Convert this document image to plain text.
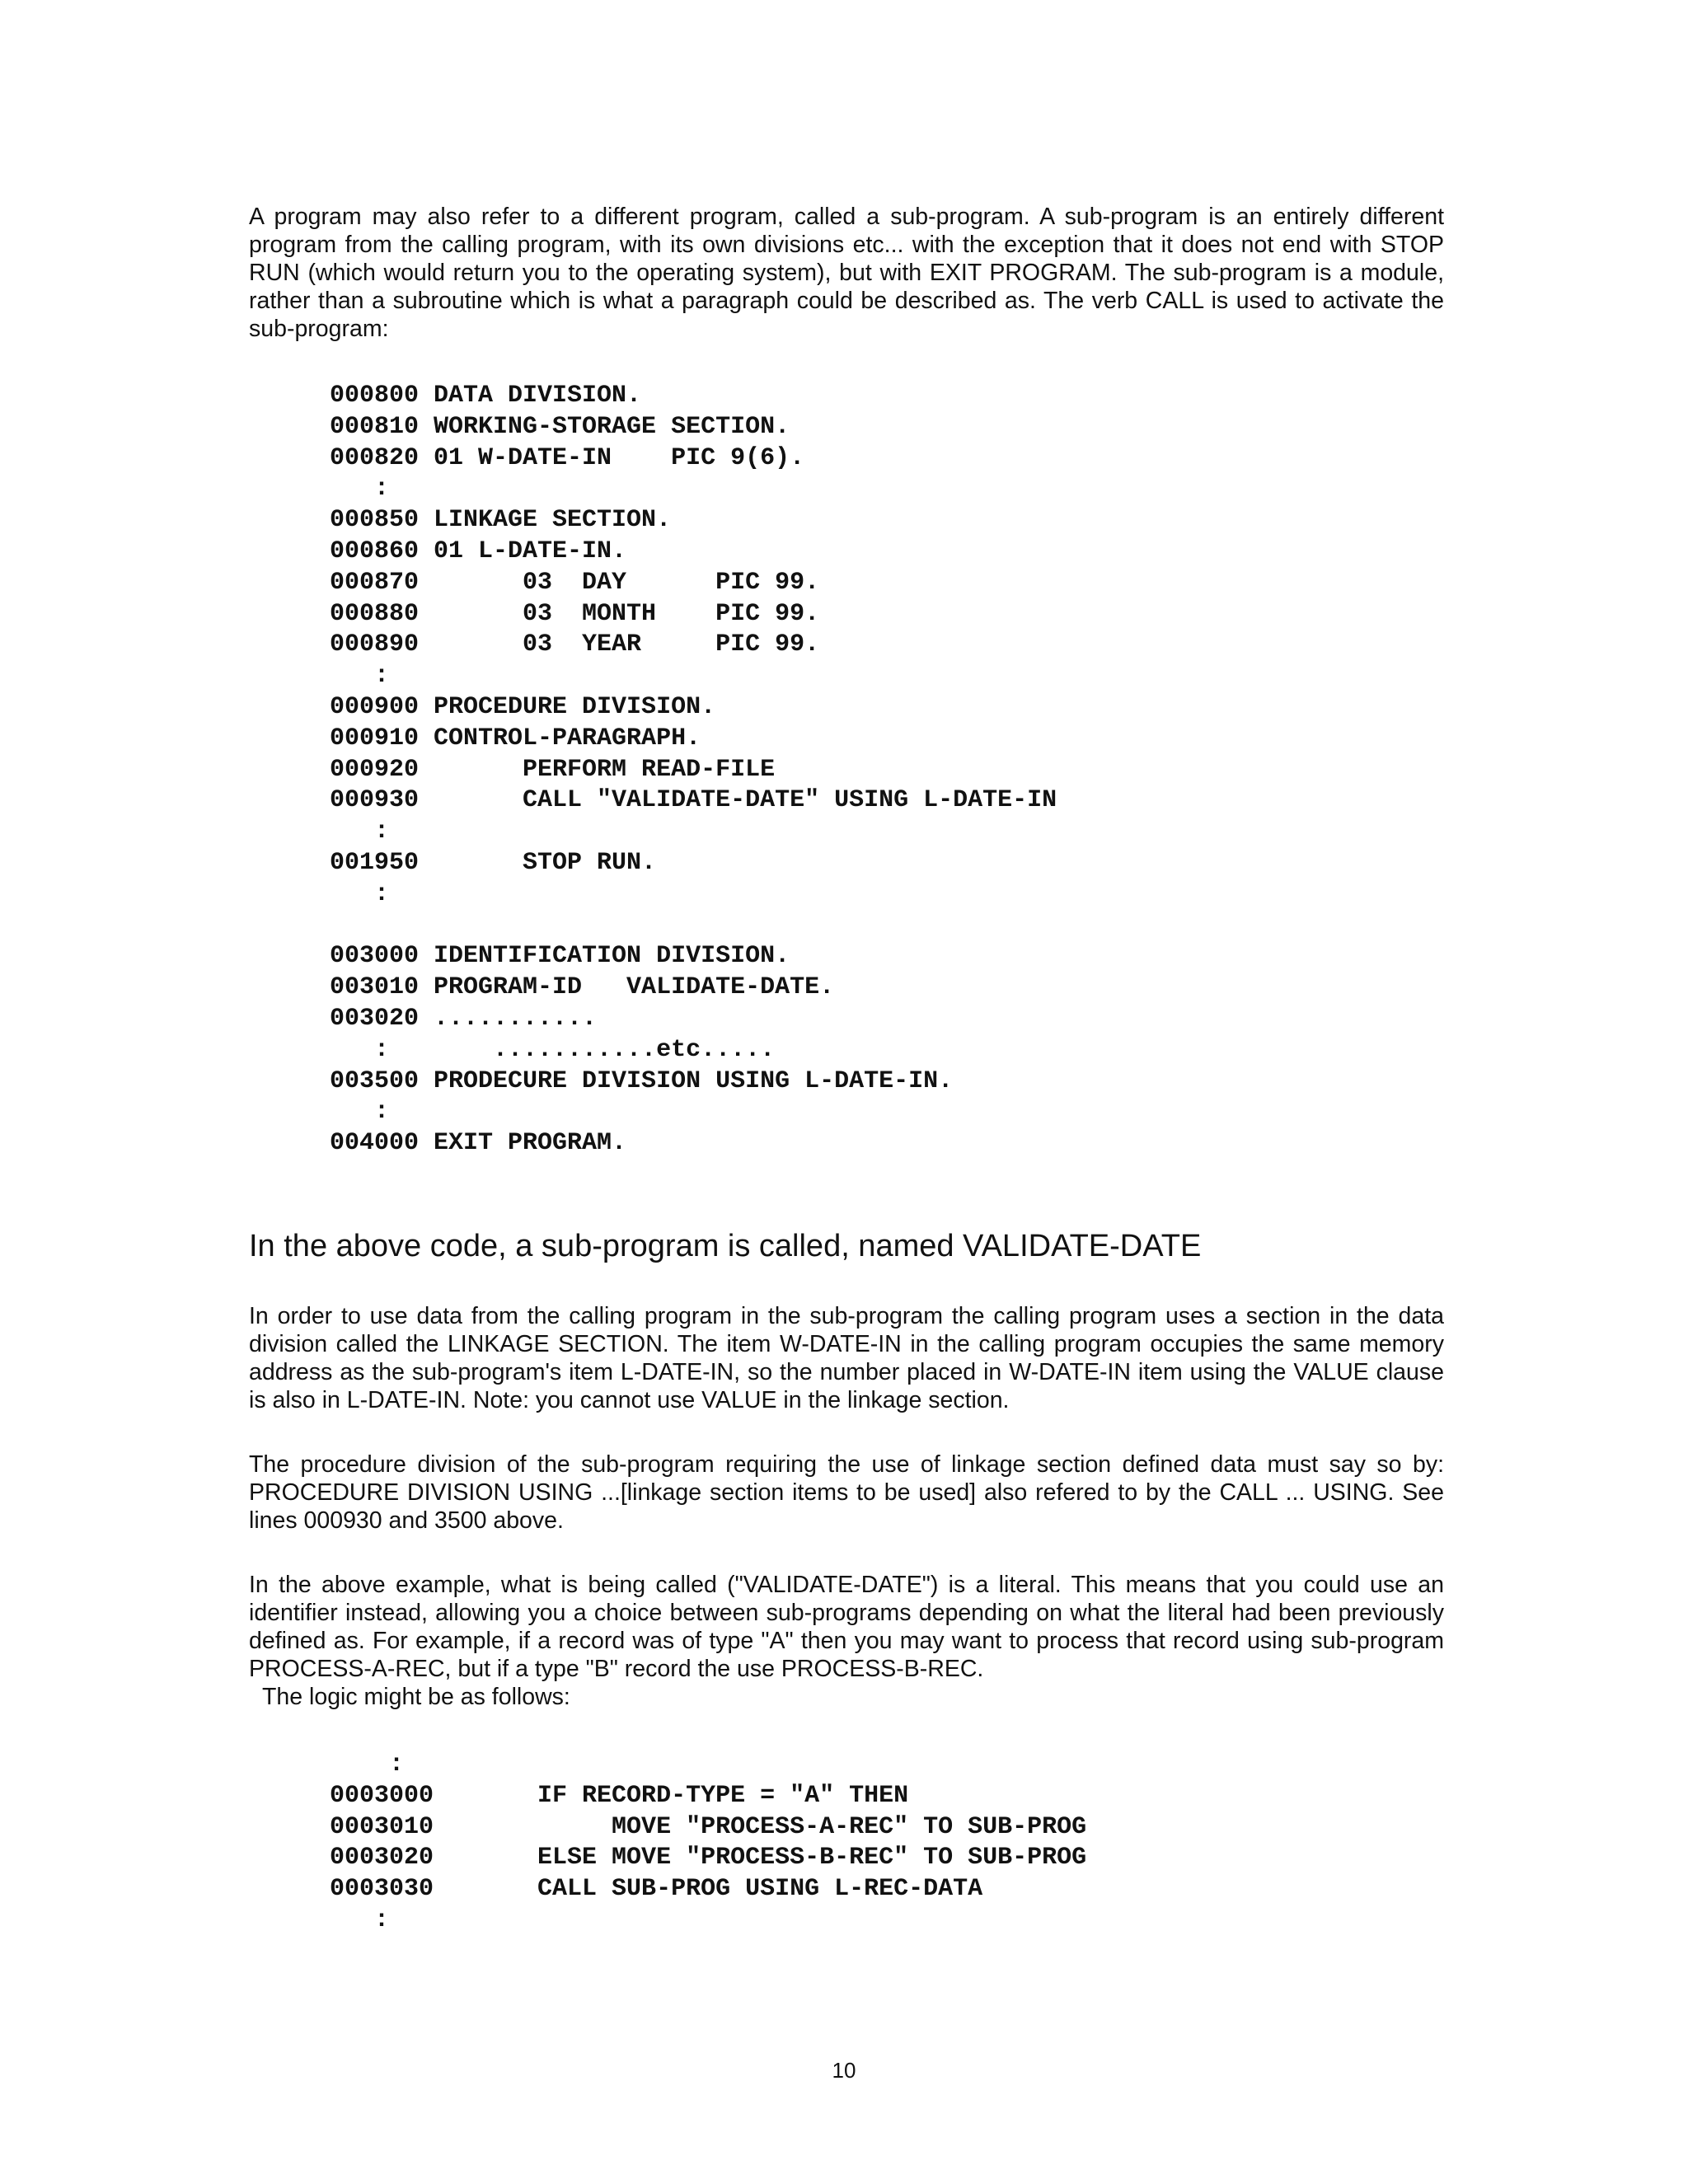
A program may also refer to a different program, called a sub-program. A sub-program is an entirely different program from the calling program, with its own divisions etc... with the exception that it does not end with STOP RUN (which would return you to the operating system), but with EXIT PROGRAM. The sub-program is a module, rather than a subroutine which is what a paragraph could be described as. The verb CALL is used to activate the sub-program:
000800 DATA DIVISION.
000810 WORKING-STORAGE SECTION.
000820 01 W-DATE-IN    PIC 9(6).
:
000850 LINKAGE SECTION.
000860 01 L-DATE-IN.
000870       03  DAY      PIC 99.
000880       03  MONTH    PIC 99.
000890       03  YEAR     PIC 99.
:
000900 PROCEDURE DIVISION.
000910 CONTROL-PARAGRAPH.
000920       PERFORM READ-FILE
000930       CALL "VALIDATE-DATE" USING L-DATE-IN
:
001950       STOP RUN.
:
003000 IDENTIFICATION DIVISION.
003010 PROGRAM-ID   VALIDATE-DATE.
003020 ...........
:       ...........etc.....
003500 PRODECURE DIVISION USING L-DATE-IN.
:
004000 EXIT PROGRAM.
In the above code, a sub-program is called, named VALIDATE-DATE
In order to use data from the calling program in the sub-program the calling program uses a section in the data division called the LINKAGE SECTION. The item W-DATE-IN in the calling program occupies the same memory address as the sub-program's item L-DATE-IN, so the number placed in W-DATE-IN item using the VALUE clause is also in L-DATE-IN. Note: you cannot use VALUE in the linkage section.
The procedure division of the sub-program requiring the use of linkage section defined data must say so by: PROCEDURE DIVISION USING ...[linkage section items to be used] also refered to by the CALL ... USING. See lines 000930 and 3500 above.
In the above example, what is being called ("VALIDATE-DATE") is a literal. This means that you could use an identifier instead, allowing you a choice between sub-programs depending on what the literal had been previously defined as. For example, if a record was of type "A" then you may want to process that record using sub-program PROCESS-A-REC, but if a type "B" record the use PROCESS-B-REC.
The logic might be as follows:
:
0003000       IF RECORD-TYPE = "A" THEN
0003010            MOVE "PROCESS-A-REC" TO SUB-PROG
0003020       ELSE MOVE "PROCESS-B-REC" TO SUB-PROG
0003030       CALL SUB-PROG USING L-REC-DATA
:
10
